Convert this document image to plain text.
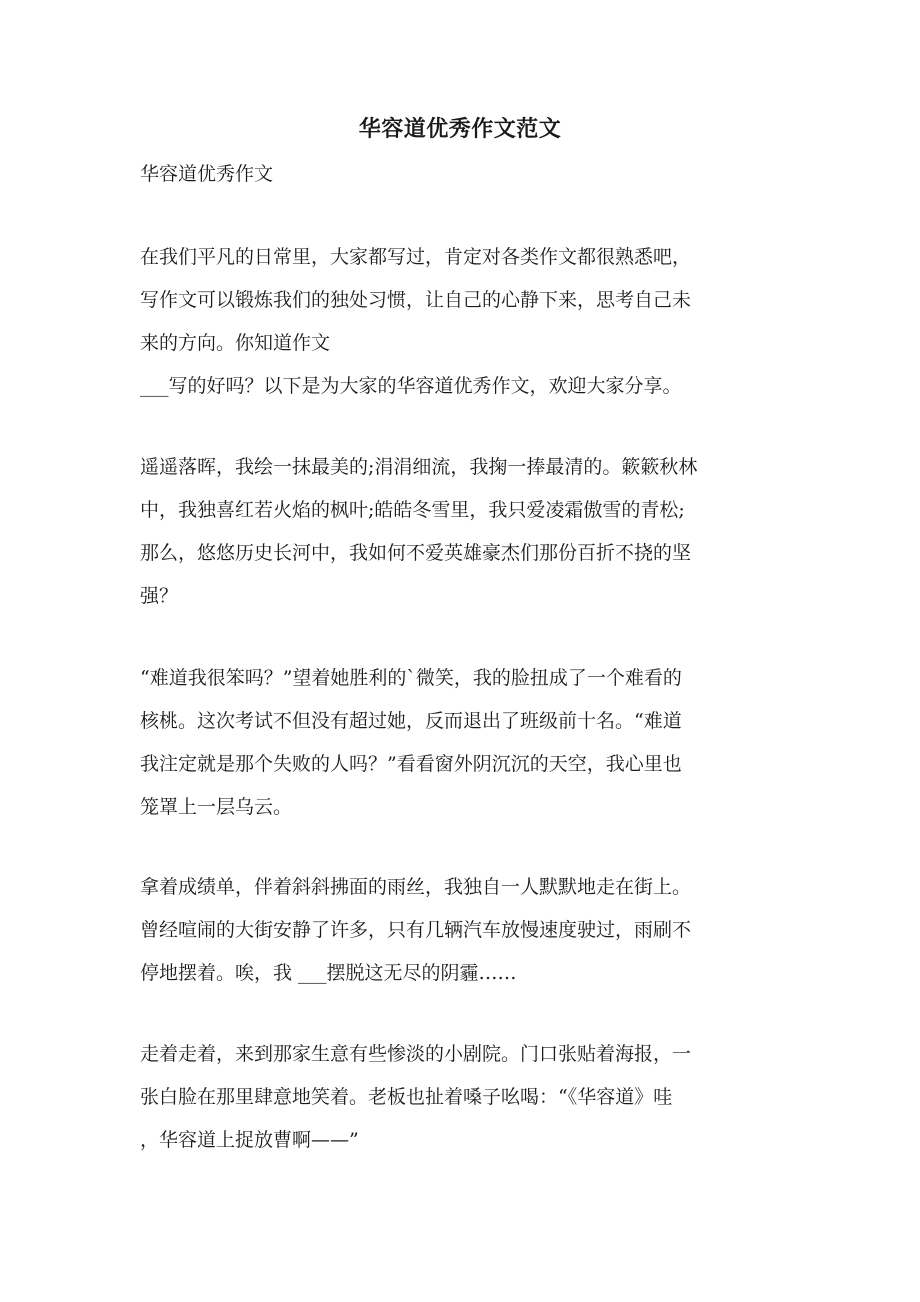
华容道优秀作文范文
华容道优秀作文
在我们平凡的日常里，大家都写过，肯定对各类作文都很熟悉吧，
写作文可以锻炼我们的独处习惯，让自己的心静下来，思考自己未
来的方向。你知道作文
___写的好吗？以下是为大家的华容道优秀作文，欢迎大家分享。
遥遥落晖，我绘一抹最美的;涓涓细流，我掬一捧最清的。簌簌秋林
中，我独喜红若火焰的枫叶;皓皓冬雪里，我只爱凌霜傲雪的青松;
那么，悠悠历史长河中，我如何不爱英雄豪杰们那份百折不挠的坚
强？
“难道我很笨吗？”望着她胜利的`微笑，我的脸扭成了一个难看的
核桃。这次考试不但没有超过她，反而退出了班级前十名。“难道
我注定就是那个失败的人吗？”看看窗外阴沉沉的天空，我心里也
笼罩上一层乌云。
拿着成绩单，伴着斜斜拂面的雨丝，我独自一人默默地走在街上。
曾经喧闹的大街安静了许多，只有几辆汽车放慢速度驶过，雨刷不
停地摆着。唉，我 ___摆脱这无尽的阴霾……
走着走着，来到那家生意有些惨淡的小剧院。门口张贴着海报，一
张白脸在那里肆意地笑着。老板也扯着嗓子吆喝：“《华容道》哇
，华容道上捉放曹啊——”
